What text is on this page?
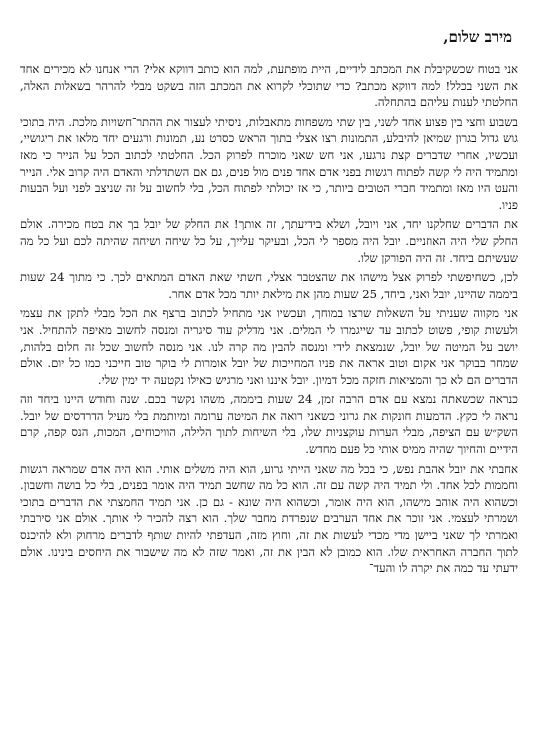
מירב שלום,

אני בטוח שכשקיבלת את המכתב לידיים, היית מופתעת, למה הוא כותב דווקא אלי? הרי אנחנו לא מכירים אחד את השני בכלל! למה דווקא מכתב? כדי שתוכלי לקרוא את המכתב הזה בשקט מבלי להרהר בשאלות האלה, החלטתי לענות עליהם בהתחלה.

בשבוע וחצי בין פצוע אחד לשני, בין שתי משפחות מתאבלות, ניסיתי לעצור את ההתר־חשויות מלכת. היה בתוכי גוש גדול בגרון שמיאן להיבלע, התמונות רצו אצלי בתוך הראש כסרט נע, תמונות ורגעים יחד מלאו את ריגושיי, ועכשיו, אחרי שדברים קצת נרגעו, אני חש שאני מוכרח לפרוק הכל. החלטתי לכתוב הכל על הנייר כי מאז ומתמיד היה לי קשה לפתוח רגשות בפני אדם אחד פנים מול פנים, גם אם השתדלתי והאדם היה קרוב אלי. הנייר והעט היו מאז ומתמיד חברי הטובים ביותר, כי אז יכולתי לפתוח הכל, בלי לחשוב על זה שניצב לפני ועל הבעות פניו.

את הדברים שחלקנו יחד, אני ויובל, ושלא בידיעתך, זה אותך! את החלק של יובל בך את בטח מכירה. אולם החלק שלי היה האוזניים. יובל היה מספר לי הכל, ובעיקר עלייך, על כל שיחה ושיחה שהיתה לכם ועל כל מה שעשיתם ביחד. זה היה הפורקן שלו.

לכן, כשחיפשתי לפרוק אצל מישהו את שהצטבר אצלי, חשתי שאת האדם המתאים לכך. כי מתוך 24 שעות ביממה שהיינו, יובל ואני, ביחד, 25 שעות מהן את מילאת יותר מכל אדם אחר.

אני מקווה שעניתי על השאלות שרצו במוחך, ועכשיו אני מתחיל לכתוב ברצף את הכל מבלי לתקן את עצמי ולעשות קופי, פשוט לכתוב עד שייגמרו לי המלים. אני מדליק עוד סיגריה ומנסה לחשוב מאיפה להתחיל. אני יושב על המיטה של יובל, שנמצאת לידי ומנסה להבין מה קרה לנו. אני מנסה לחשוב שכל זה חלום בלהות, שמחר בבוקר אני אקום וטוב אראה את פניו המחייכות של יובל אומרות לי בוקר טוב חייכני כמו כל יום. אולם הדברים הם לא כך והמציאות חזקה מכל דמיון. יובל איננו ואני מרגיש כאילו נקטעה יד ימין שלי.

כנראה שכשאתה נמצא עם אדם הרבה זמן, 24 שעות ביממה, משהו נקשר בכם. שנה וחודש היינו ביחד וזה נראה לי כקץ. הדמעות חונקות את גרוני כשאני רואה את המיטה ערומה ומיותמת בלי מעיל הדרדסים של יובל. השק״ש עם הציפה, מבלי הערות עוקצניות שלו, בלי השיחות לתוך הלילה, הוויכוחים, המכות, הנס קפה, קרם הידיים והחיוך שהיה ממיס אותי כל פעם מחדש.

אחבתי את יובל אהבת נפש, כי בכל מה שאני הייתי גרוע, הוא היה משלים אותי. הוא היה אדם שמראה רגשות וחממות לכל אחד. ולי תמיד היה קשה עם זה. הוא כל מה שחשב תמיד היה אומר בפנים, בלי כל בושה וחשבון. וכשהוא היה אוהב מישהו, הוא היה אומר, וכשהוא היה שונא - גם כן. אני תמיד החמצתי את הדברים בתוכי ושמרתי לעצמי. אני זוכר את אחד הערבים שנפרדת מחבר שלך. הוא רצה להכיר לי אותך. אולם אני סירבתי ואמרתי לך שאני ביישן מדי מכדי לעשות את זה, וחוץ מזה, העדפתי להיות שותף לדברים מרחוק ולא להיכנס לתוך החברה האחראית שלו. הוא כמובן לא הבין את זה, ואמר שזה לא מה שישבור את היחסים בינינו. אולם ידעתי עד כמה את יקרה לו והעד־
